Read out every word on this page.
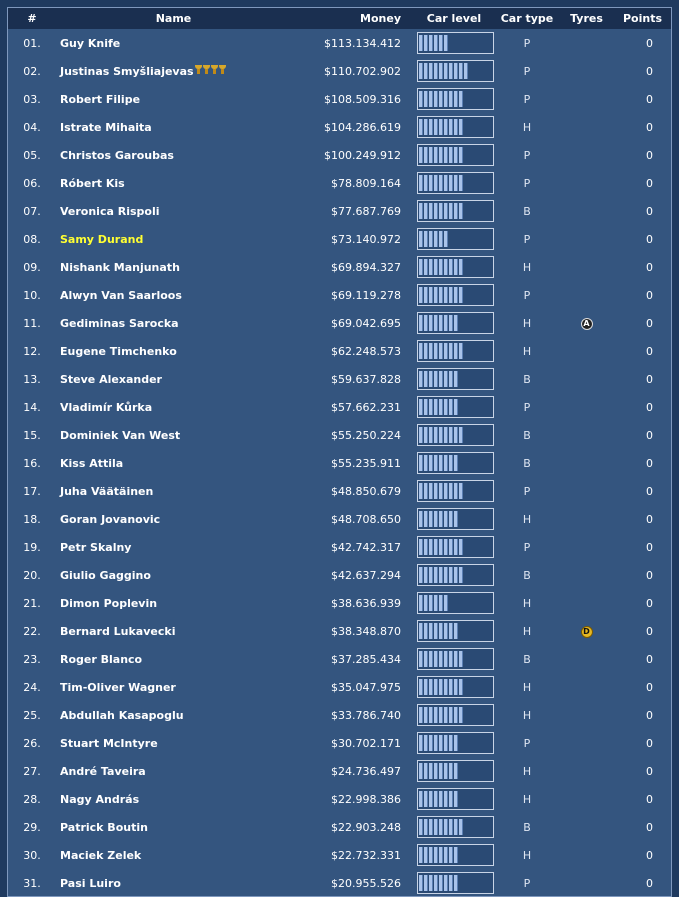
#	Name	Money	Car level	Car type	Tyres	Points
01.	Guy Knife	$113.134.412		P		0
02.	Justinas Smyšliajevas	$110.702.902		P		0
03.	Robert Filipe	$108.509.316		P		0
04.	Istrate Mihaita	$104.286.619		H		0
05.	Christos Garoubas	$100.249.912		P		0
06.	Róbert Kis	$78.809.164		P		0
07.	Veronica Rispoli	$77.687.769		B		0
08.	Samy Durand	$73.140.972		P		0
09.	Nishank Manjunath	$69.894.327		H		0
10.	Alwyn Van Saarloos	$69.119.278		P		0
11.	Gediminas Sarocka	$69.042.695		H	A	0
12.	Eugene Timchenko	$62.248.573		H		0
13.	Steve Alexander	$59.637.828		B		0
14.	Vladimír Kůrka	$57.662.231		P		0
15.	Dominiek Van West	$55.250.224		B		0
16.	Kiss Attila	$55.235.911		B		0
17.	Juha Väätäinen	$48.850.679		P		0
18.	Goran Jovanovic	$48.708.650		H		0
19.	Petr Skalny	$42.742.317		P		0
20.	Giulio Gaggino	$42.637.294		B		0
21.	Dimon Poplevin	$38.636.939		H		0
22.	Bernard Lukavecki	$38.348.870		H	D	0
23.	Roger Blanco	$37.285.434		B		0
24.	Tim-Oliver Wagner	$35.047.975		H		0
25.	Abdullah Kasapoglu	$33.786.740		H		0
26.	Stuart McIntyre	$30.702.171		P		0
27.	André Taveira	$24.736.497		H		0
28.	Nagy András	$22.998.386		H		0
29.	Patrick Boutin	$22.903.248		B		0
30.	Maciek Zelek	$22.732.331		H		0
31.	Pasi Luiro	$20.955.526		P		0
